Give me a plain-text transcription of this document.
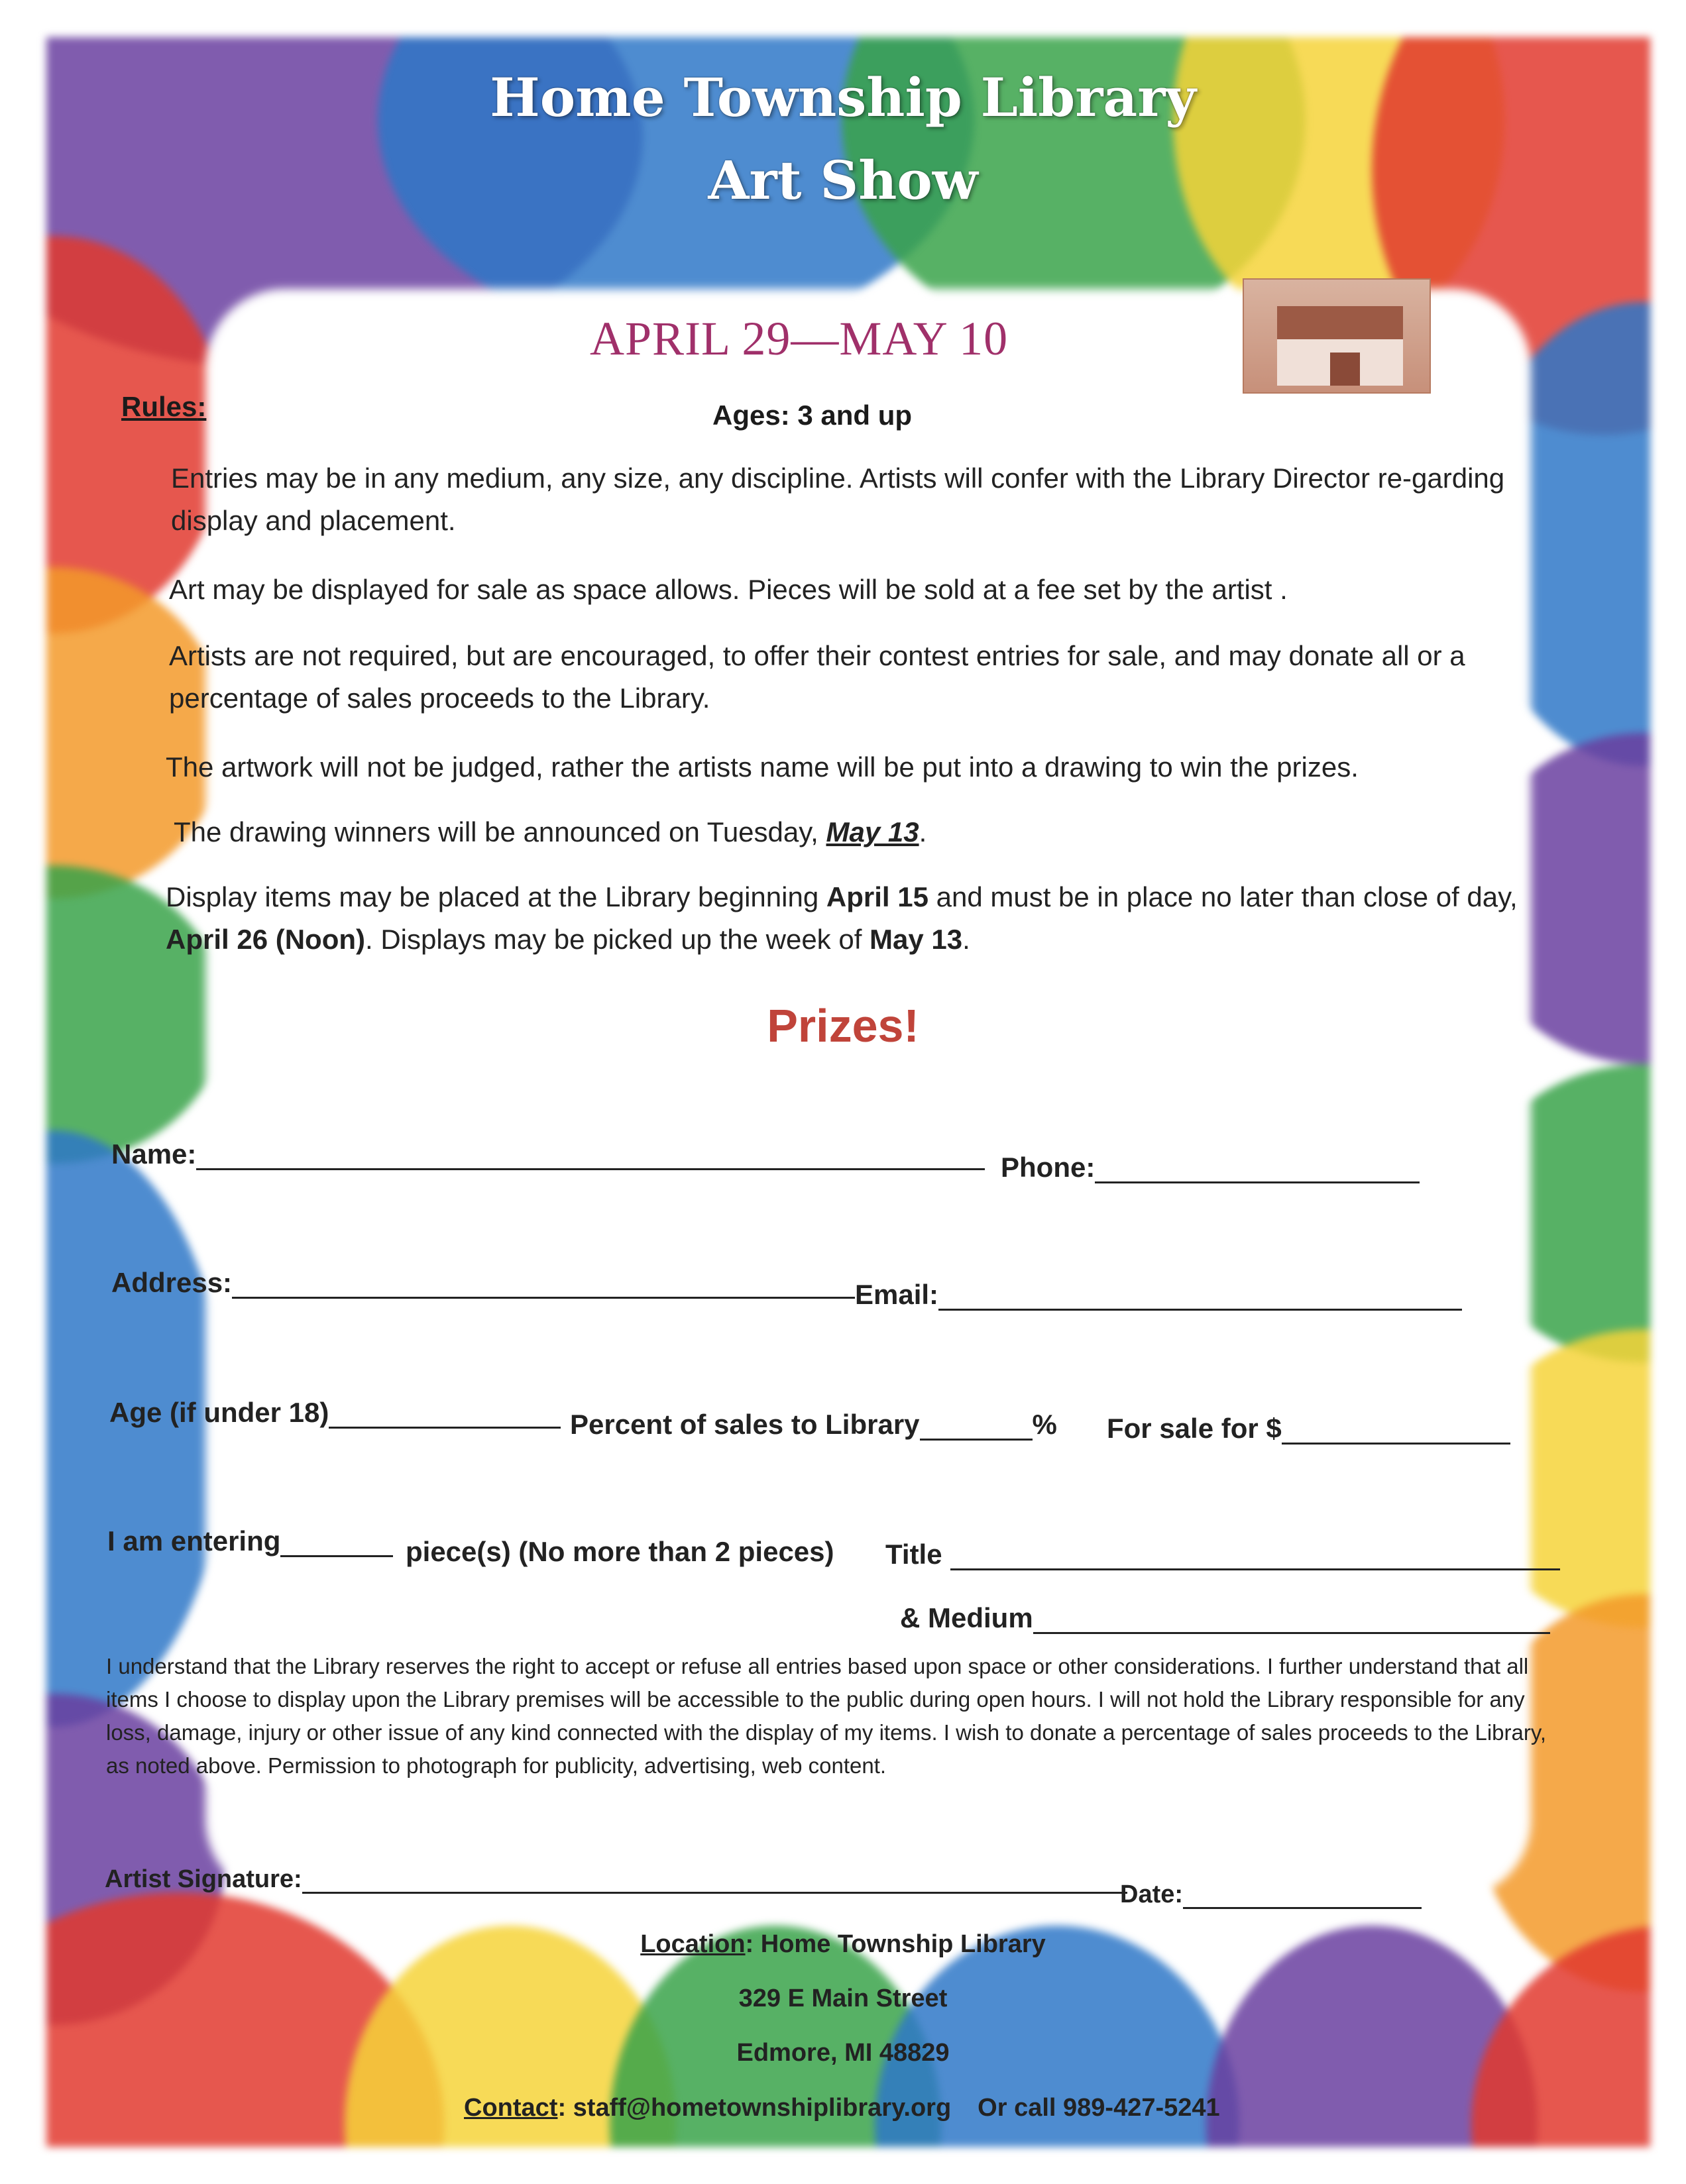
Home Township Library
Art Show
APRIL 29—MAY 10
Rules:	Ages: 3 and up
Entries may be in any medium, any size, any discipline. Artists will confer with the Library Director re-garding display and placement.
Art may be displayed for sale as space allows. Pieces will be sold at a fee set by the artist .
Artists are not required, but are encouraged, to offer their contest entries for sale, and may donate all or a percentage of sales proceeds to the Library.
The artwork will not be judged, rather the artists name will be put into a drawing to win the prizes.
The drawing winners will be announced on Tuesday, May 13.
Display items may be placed at the Library beginning April 15 and must be in place no later than close of day, April 26 (Noon). Displays may be picked up the week of May 13.
Prizes!
Name:	Phone:
Address:	Email:
Age (if under 18)	Percent of sales to Library	% For sale for $
I am entering	piece(s) (No more than 2 pieces) Title
& Medium
I understand that the Library reserves the right to accept or refuse all entries based upon space or other considerations. I further understand that all items I choose to display upon the Library premises will be accessible to the public during open hours. I will not hold the Library responsible for any loss, damage, injury or other issue of any kind connected with the display of my items. I wish to donate a percentage of sales proceeds to the Library, as noted above. Permission to photograph for publicity, advertising, web content.
Artist Signature:
Date:
Location: Home Township Library
329 E Main Street
Edmore, MI 48829
Contact: staff@hometownshiplibrary.org Or call 989-427-5241
